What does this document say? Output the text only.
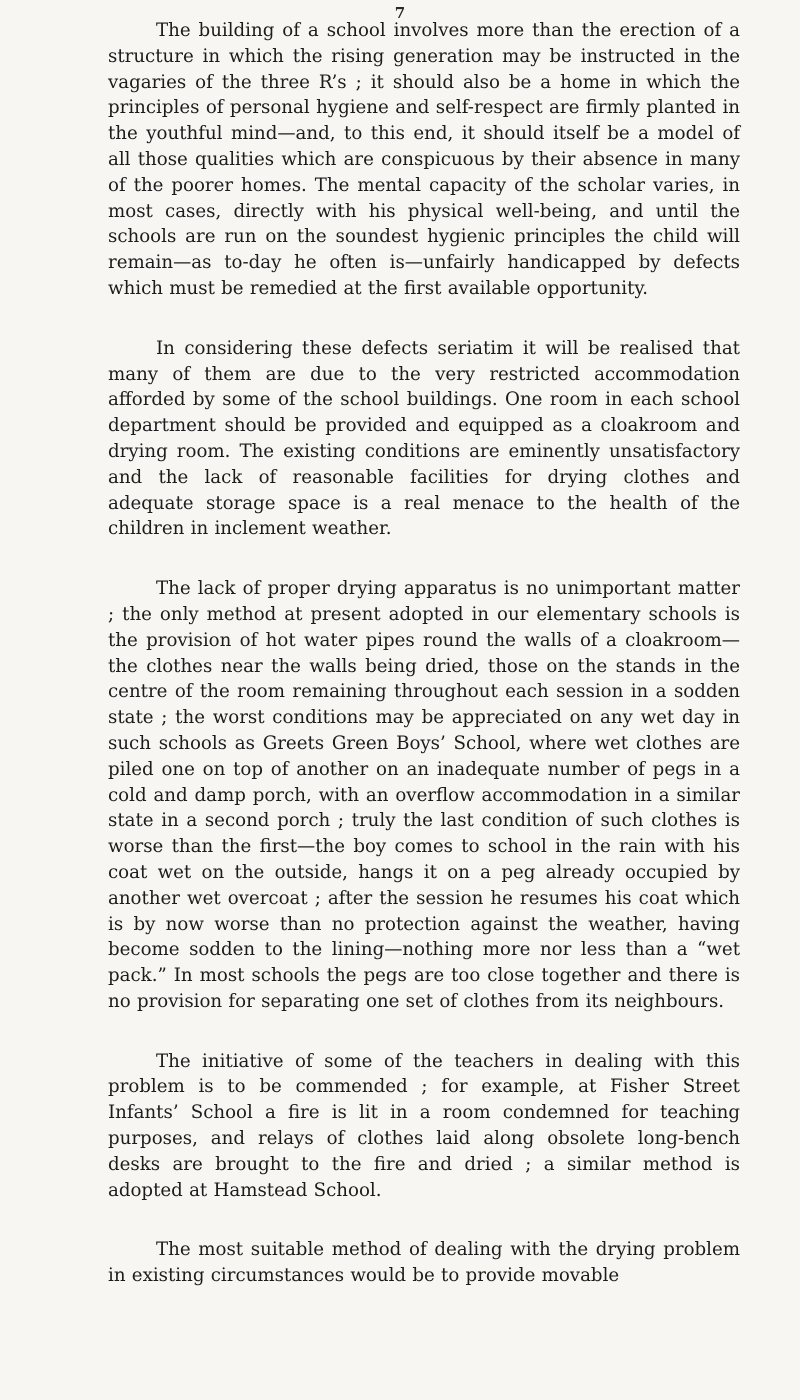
7

The building of a school involves more than the erection of a structure in which the rising generation may be instructed in the vagaries of the three R’s ; it should also be a home in which the principles of personal hygiene and self-respect are firmly planted in the youthful mind—and, to this end, it should itself be a model of all those qualities which are conspicuous by their absence in many of the poorer homes. The mental capacity of the scholar varies, in most cases, directly with his physical well-being, and until the schools are run on the soundest hygienic principles the child will remain—as to-day he often is—unfairly handicapped by defects which must be remedied at the first available opportunity.

In considering these defects seriatim it will be realised that many of them are due to the very restricted accommodation afforded by some of the school buildings. One room in each school department should be provided and equipped as a cloakroom and drying room. The existing conditions are eminently unsatisfactory and the lack of reasonable facilities for drying clothes and adequate storage space is a real menace to the health of the children in inclement weather.

The lack of proper drying apparatus is no unimportant matter ; the only method at present adopted in our elementary schools is the provision of hot water pipes round the walls of a cloakroom—the clothes near the walls being dried, those on the stands in the centre of the room remaining throughout each session in a sodden state ; the worst conditions may be appreciated on any wet day in such schools as Greets Green Boys’ School, where wet clothes are piled one on top of another on an inadequate number of pegs in a cold and damp porch, with an overflow accommodation in a similar state in a second porch ; truly the last condition of such clothes is worse than the first—the boy comes to school in the rain with his coat wet on the outside, hangs it on a peg already occupied by another wet overcoat ; after the session he resumes his coat which is by now worse than no protection against the weather, having become sodden to the lining—nothing more nor less than a “wet pack.” In most schools the pegs are too close together and there is no provision for separating one set of clothes from its neighbours.

The initiative of some of the teachers in dealing with this problem is to be commended ; for example, at Fisher Street Infants’ School a fire is lit in a room condemned for teaching purposes, and relays of clothes laid along obsolete long-bench desks are brought to the fire and dried ; a similar method is adopted at Hamstead School.

The most suitable method of dealing with the drying problem in existing circumstances would be to provide movable
